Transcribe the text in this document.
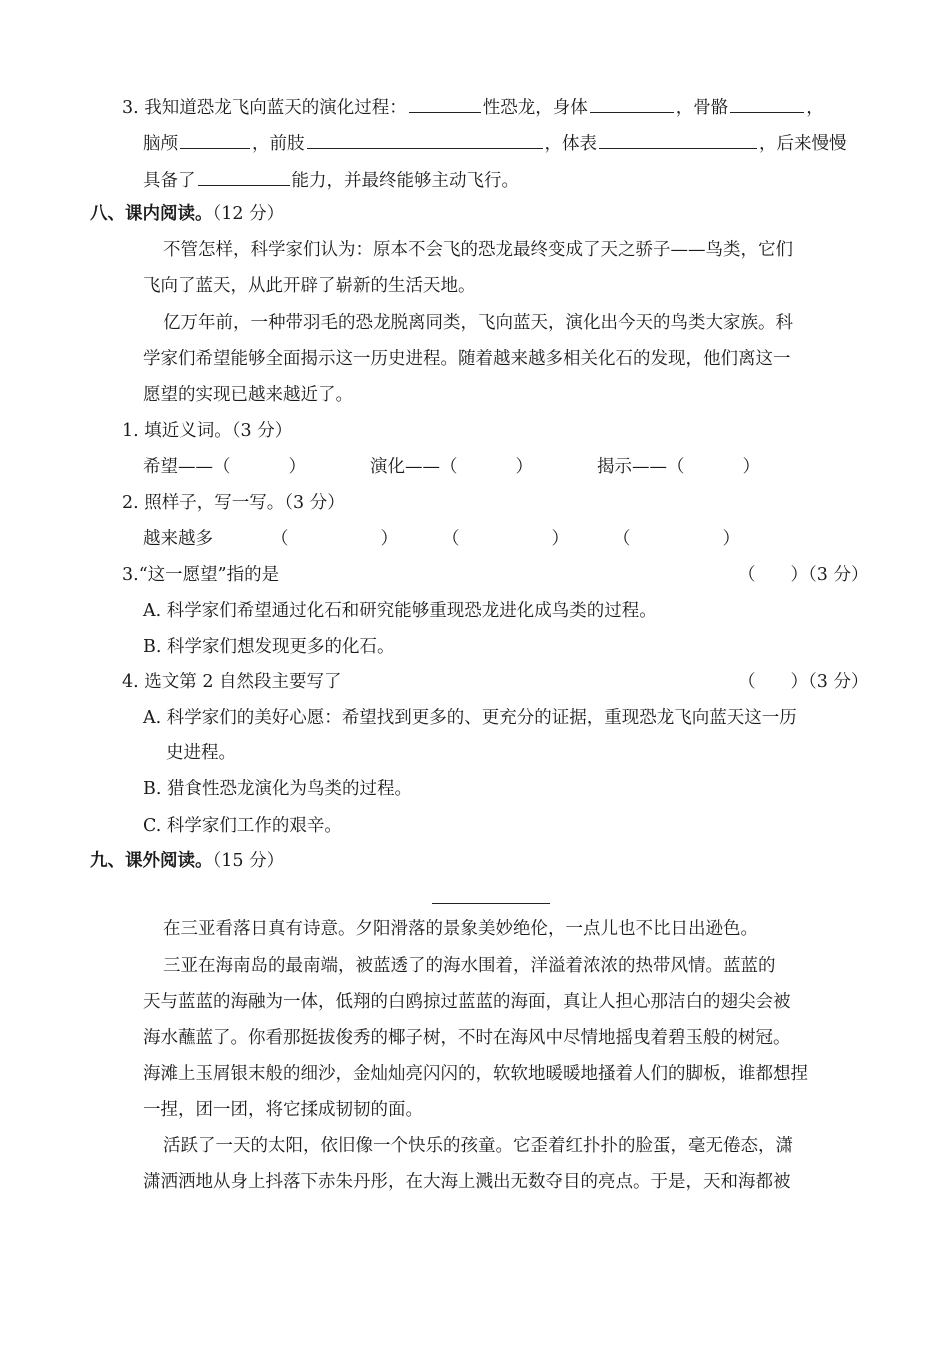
3. 我知道恐龙飞向蓝天的演化过程：	性恐龙，身体	，骨骼	，
脑颅	，前肢	，体表	，后来慢慢
具备了	能力，并最终能够主动飞行。
八、课内阅读。（12 分）
不管怎样，科学家们认为：原本不会飞的恐龙最终变成了天之骄子——鸟类，它们
飞向了蓝天，从此开辟了崭新的生活天地。
亿万年前，一种带羽毛的恐龙脱离同类，飞向蓝天，演化出今天的鸟类大家族。科
学家们希望能够全面揭示这一历史进程。随着越来越多相关化石的发现，他们离这一
愿望的实现已越来越近了。
1. 填近义词。（3 分）
希望——（	）	演化——（	）	揭示——（	）
2. 照样子，写一写。（3 分）
越来越多	（	）	（	）	（	）
3.“这一愿望”指的是	（　　）（3 分）
A. 科学家们希望通过化石和研究能够重现恐龙进化成鸟类的过程。
B. 科学家们想发现更多的化石。
4. 选文第 2 自然段主要写了	（　　）（3 分）
A. 科学家们的美好心愿：希望找到更多的、更充分的证据，重现恐龙飞向蓝天这一历
史进程。
B. 猎食性恐龙演化为鸟类的过程。
C. 科学家们工作的艰辛。
九、课外阅读。（15 分）
在三亚看落日真有诗意。夕阳滑落的景象美妙绝伦，一点儿也不比日出逊色。
三亚在海南岛的最南端，被蓝透了的海水围着，洋溢着浓浓的热带风情。蓝蓝的
天与蓝蓝的海融为一体，低翔的白鸥掠过蓝蓝的海面，真让人担心那洁白的翅尖会被
海水蘸蓝了。你看那挺拔俊秀的椰子树，不时在海风中尽情地摇曳着碧玉般的树冠。
海滩上玉屑银末般的细沙，金灿灿亮闪闪的，软软地暖暖地搔着人们的脚板，谁都想捏
一捏，团一团，将它揉成韧韧的面。
活跃了一天的太阳，依旧像一个快乐的孩童。它歪着红扑扑的脸蛋，毫无倦态，潇
潇洒洒地从身上抖落下赤朱丹彤，在大海上溅出无数夺目的亮点。于是，天和海都被
